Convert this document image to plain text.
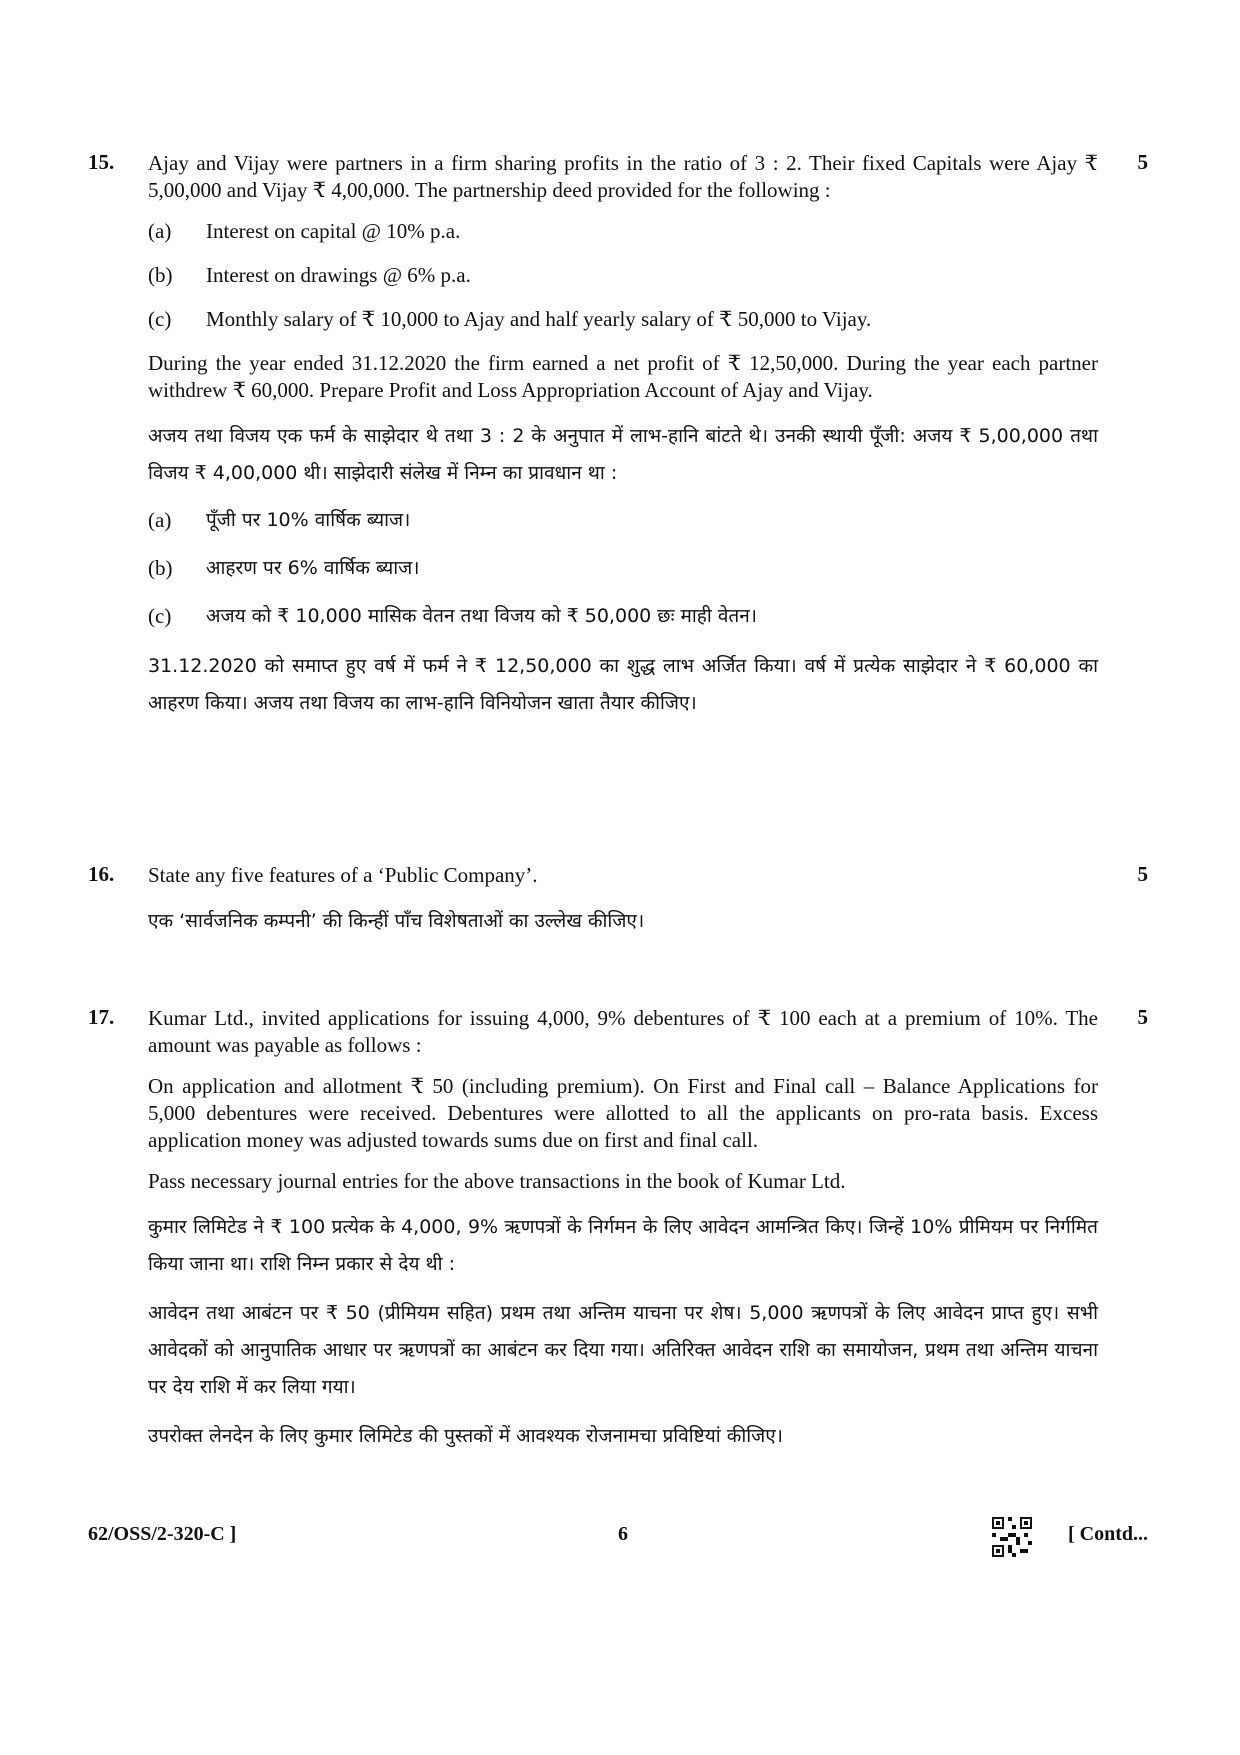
15.	5

Ajay and Vijay were partners in a firm sharing profits in the ratio of 3 : 2. Their fixed Capitals were Ajay ₹ 5,00,000 and Vijay ₹ 4,00,000. The partnership deed provided for the following :

(a) Interest on capital @ 10% p.a.
(b) Interest on drawings @ 6% p.a.
(c) Monthly salary of ₹ 10,000 to Ajay and half yearly salary of ₹ 50,000 to Vijay.

During the year ended 31.12.2020 the firm earned a net profit of ₹ 12,50,000. During the year each partner withdrew ₹ 60,000. Prepare Profit and Loss Appropriation Account of Ajay and Vijay.

अजय तथा विजय एक फर्म के साझेदार थे तथा 3 : 2 के अनुपात में लाभ-हानि बांटते थे। उनकी स्थायी पूँजी: अजय ₹ 5,00,000 तथा विजय ₹ 4,00,000 थी। साझेदारी संलेख में निम्न का प्रावधान था :

(a) पूँजी पर 10% वार्षिक ब्याज।
(b) आहरण पर 6% वार्षिक ब्याज।
(c) अजय को ₹ 10,000 मासिक वेतन तथा विजय को ₹ 50,000 छः माही वेतन।

31.12.2020 को समाप्त हुए वर्ष में फर्म ने ₹ 12,50,000 का शुद्ध लाभ अर्जित किया। वर्ष में प्रत्येक साझेदार ने ₹ 60,000 का आहरण किया। अजय तथा विजय का लाभ-हानि विनियोजन खाता तैयार कीजिए।

16.	5

State any five features of a ‘Public Company’.

एक ‘सार्वजनिक कम्पनी’ की किन्हीं पाँच विशेषताओं का उल्लेख कीजिए।

17.	5

Kumar Ltd., invited applications for issuing 4,000, 9% debentures of ₹ 100 each at a premium of 10%. The amount was payable as follows :

On application and allotment ₹ 50 (including premium). On First and Final call – Balance Applications for 5,000 debentures were received. Debentures were allotted to all the applicants on pro-rata basis. Excess application money was adjusted towards sums due on first and final call.

Pass necessary journal entries for the above transactions in the book of Kumar Ltd.

कुमार लिमिटेड ने ₹ 100 प्रत्येक के 4,000, 9% ऋणपत्रों के निर्गमन के लिए आवेदन आमन्त्रित किए। जिन्हें 10% प्रीमियम पर निर्गमित किया जाना था। राशि निम्न प्रकार से देय थी :

आवेदन तथा आबंटन पर ₹ 50 (प्रीमियम सहित) प्रथम तथा अन्तिम याचना पर शेष। 5,000 ऋणपत्रों के लिए आवेदन प्राप्त हुए। सभी आवेदकों को आनुपातिक आधार पर ऋणपत्रों का आबंटन कर दिया गया। अतिरिक्त आवेदन राशि का समायोजन, प्रथम तथा अन्तिम याचना पर देय राशि में कर लिया गया।

उपरोक्त लेनदेन के लिए कुमार लिमिटेड की पुस्तकों में आवश्यक रोजनामचा प्रविष्टियां कीजिए।

62/OSS/2-320-C ]	6	[ Contd...
